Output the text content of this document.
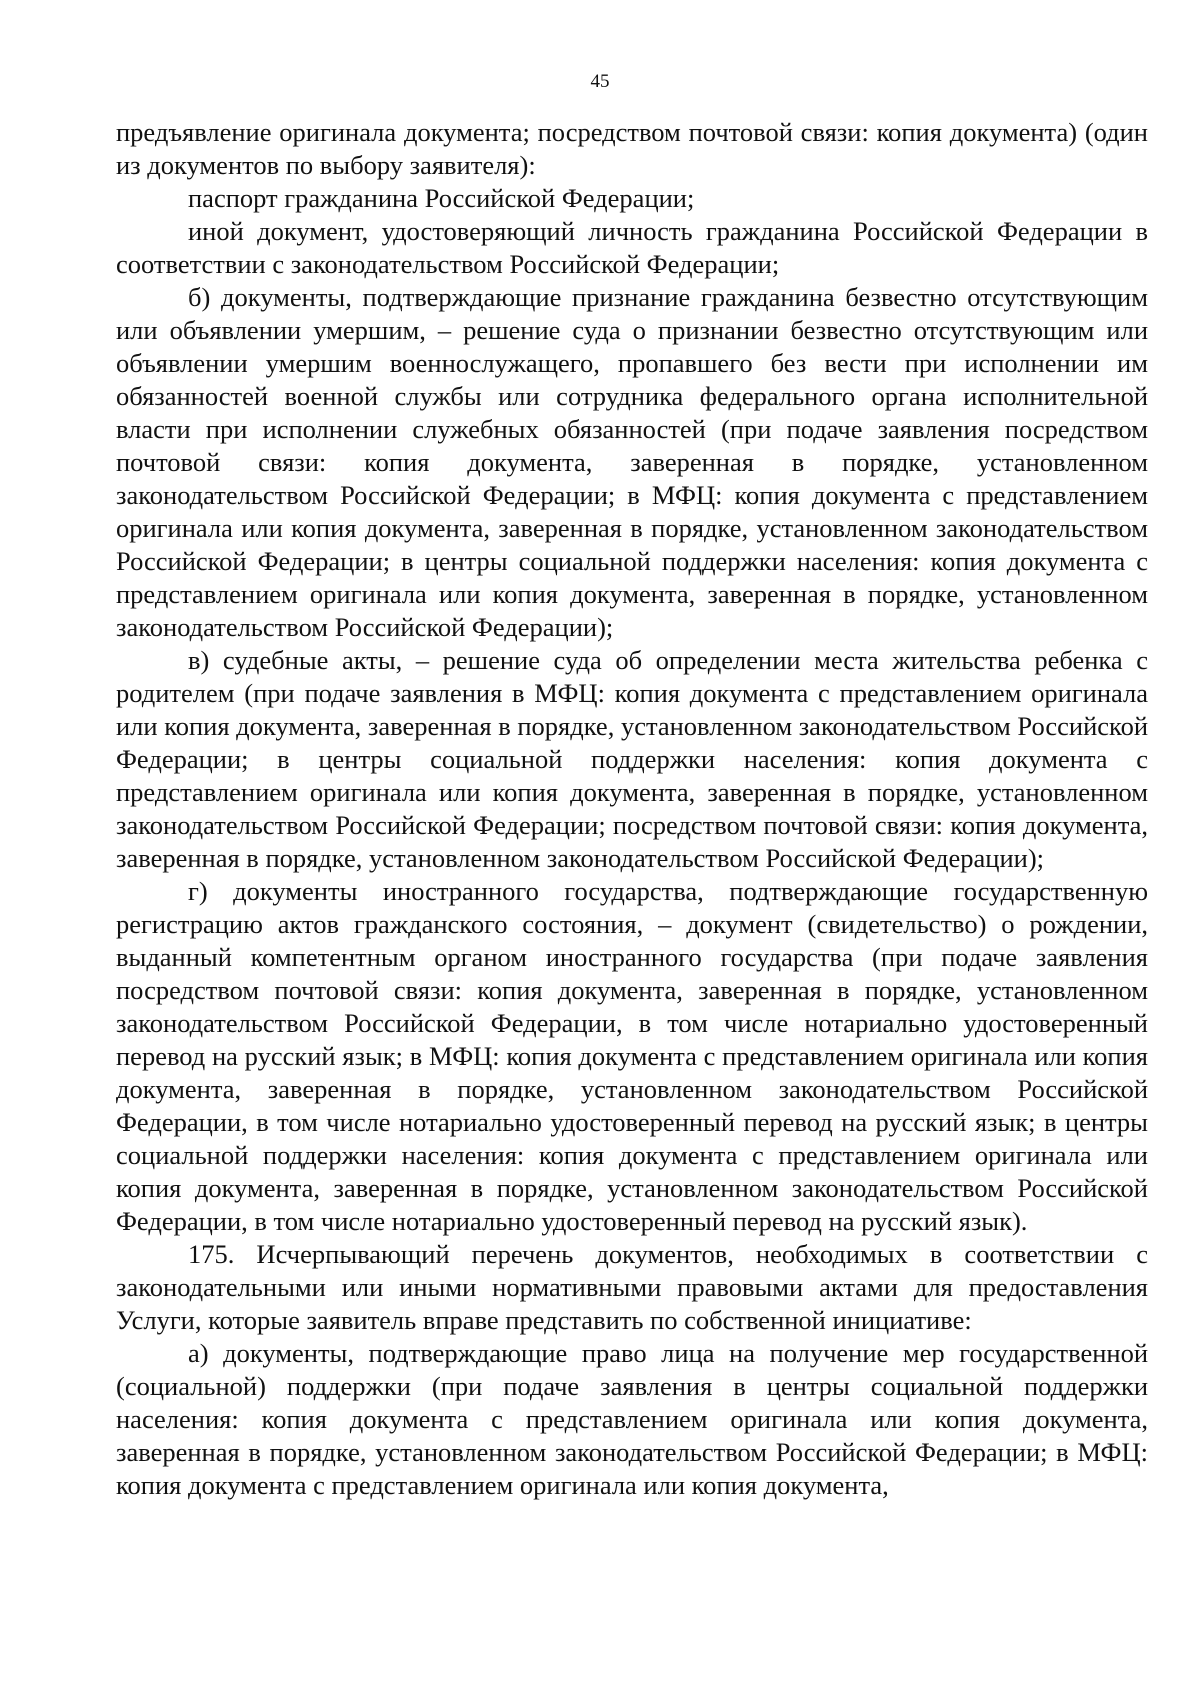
45

предъявление оригинала документа; посредством почтовой связи: копия документа) (один из документов по выбору заявителя):

паспорт гражданина Российской Федерации;

иной документ, удостоверяющий личность гражданина Российской Федерации в соответствии с законодательством Российской Федерации;

б) документы, подтверждающие признание гражданина безвестно отсутствующим или объявлении умершим, – решение суда о признании безвестно отсутствующим или объявлении умершим военнослужащего, пропавшего без вести при исполнении им обязанностей военной службы или сотрудника федерального органа исполнительной власти при исполнении служебных обязанностей (при подаче заявления посредством почтовой связи: копия документа, заверенная в порядке, установленном законодательством Российской Федерации; в МФЦ: копия документа с представлением оригинала или копия документа, заверенная в порядке, установленном законодательством Российской Федерации; в центры социальной поддержки населения: копия документа с представлением оригинала или копия документа, заверенная в порядке, установленном законодательством Российской Федерации);

в) судебные акты, – решение суда об определении места жительства ребенка с родителем (при подаче заявления в МФЦ: копия документа с представлением оригинала или копия документа, заверенная в порядке, установленном законодательством Российской Федерации; в центры социальной поддержки населения: копия документа с представлением оригинала или копия документа, заверенная в порядке, установленном законодательством Российской Федерации; посредством почтовой связи: копия документа, заверенная в порядке, установленном законодательством Российской Федерации);

г) документы иностранного государства, подтверждающие государственную регистрацию актов гражданского состояния, – документ (свидетельство) о рождении, выданный компетентным органом иностранного государства (при подаче заявления посредством почтовой связи: копия документа, заверенная в порядке, установленном законодательством Российской Федерации, в том числе нотариально удостоверенный перевод на русский язык; в МФЦ: копия документа с представлением оригинала или копия документа, заверенная в порядке, установленном законодательством Российской Федерации, в том числе нотариально удостоверенный перевод на русский язык; в центры социальной поддержки населения: копия документа с представлением оригинала или копия документа, заверенная в порядке, установленном законодательством Российской Федерации, в том числе нотариально удостоверенный перевод на русский язык).

175. Исчерпывающий перечень документов, необходимых в соответствии с законодательными или иными нормативными правовыми актами для предоставления Услуги, которые заявитель вправе представить по собственной инициативе:

а) документы, подтверждающие право лица на получение мер государственной (социальной) поддержки (при подаче заявления в центры социальной поддержки населения: копия документа с представлением оригинала или копия документа, заверенная в порядке, установленном законодательством Российской Федерации; в МФЦ: копия документа с представлением оригинала или копия документа,
